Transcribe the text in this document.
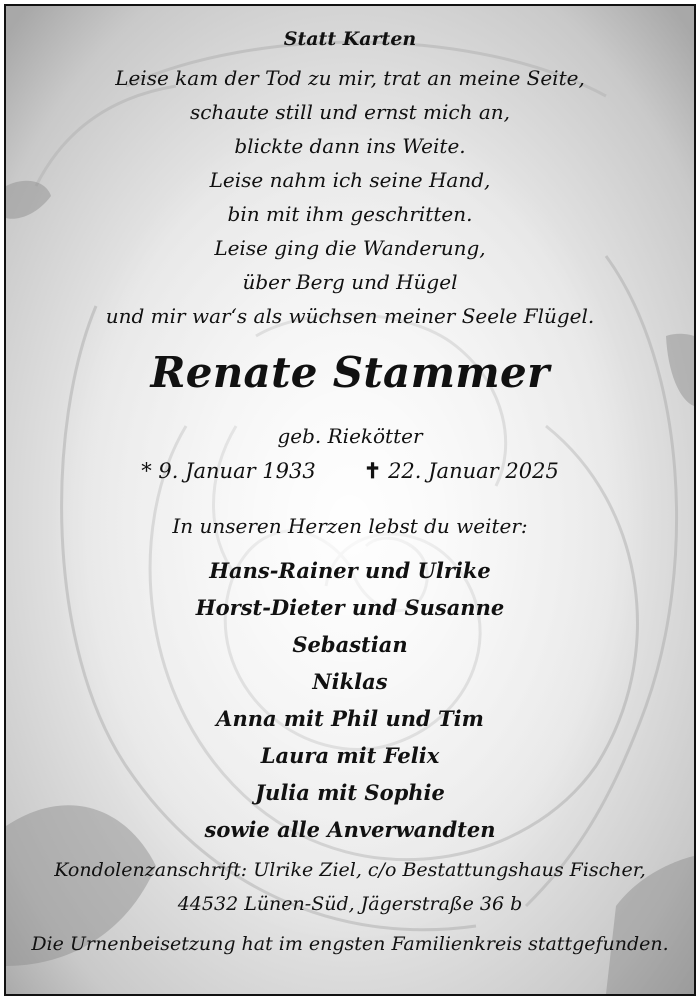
Statt Karten
Leise kam der Tod zu mir, trat an meine Seite,
schaute still und ernst mich an,
blickte dann ins Weite.
Leise nahm ich seine Hand,
bin mit ihm geschritten.
Leise ging die Wanderung,
über Berg und Hügel
und mir war‘s als wüchsen meiner Seele Flügel.
Renate Stammer
geb. Riekötter
* 9. Januar 1933 ✝ 22. Januar 2025
In unseren Herzen lebst du weiter:
Hans-Rainer und Ulrike
Horst-Dieter und Susanne
Sebastian
Niklas
Anna mit Phil und Tim
Laura mit Felix
Julia mit Sophie
sowie alle Anverwandten
Kondolenzanschrift: Ulrike Ziel, c/o Bestattungshaus Fischer,
44532 Lünen-Süd, Jägerstraße 36 b
Die Urnenbeisetzung hat im engsten Familienkreis stattgefunden.
